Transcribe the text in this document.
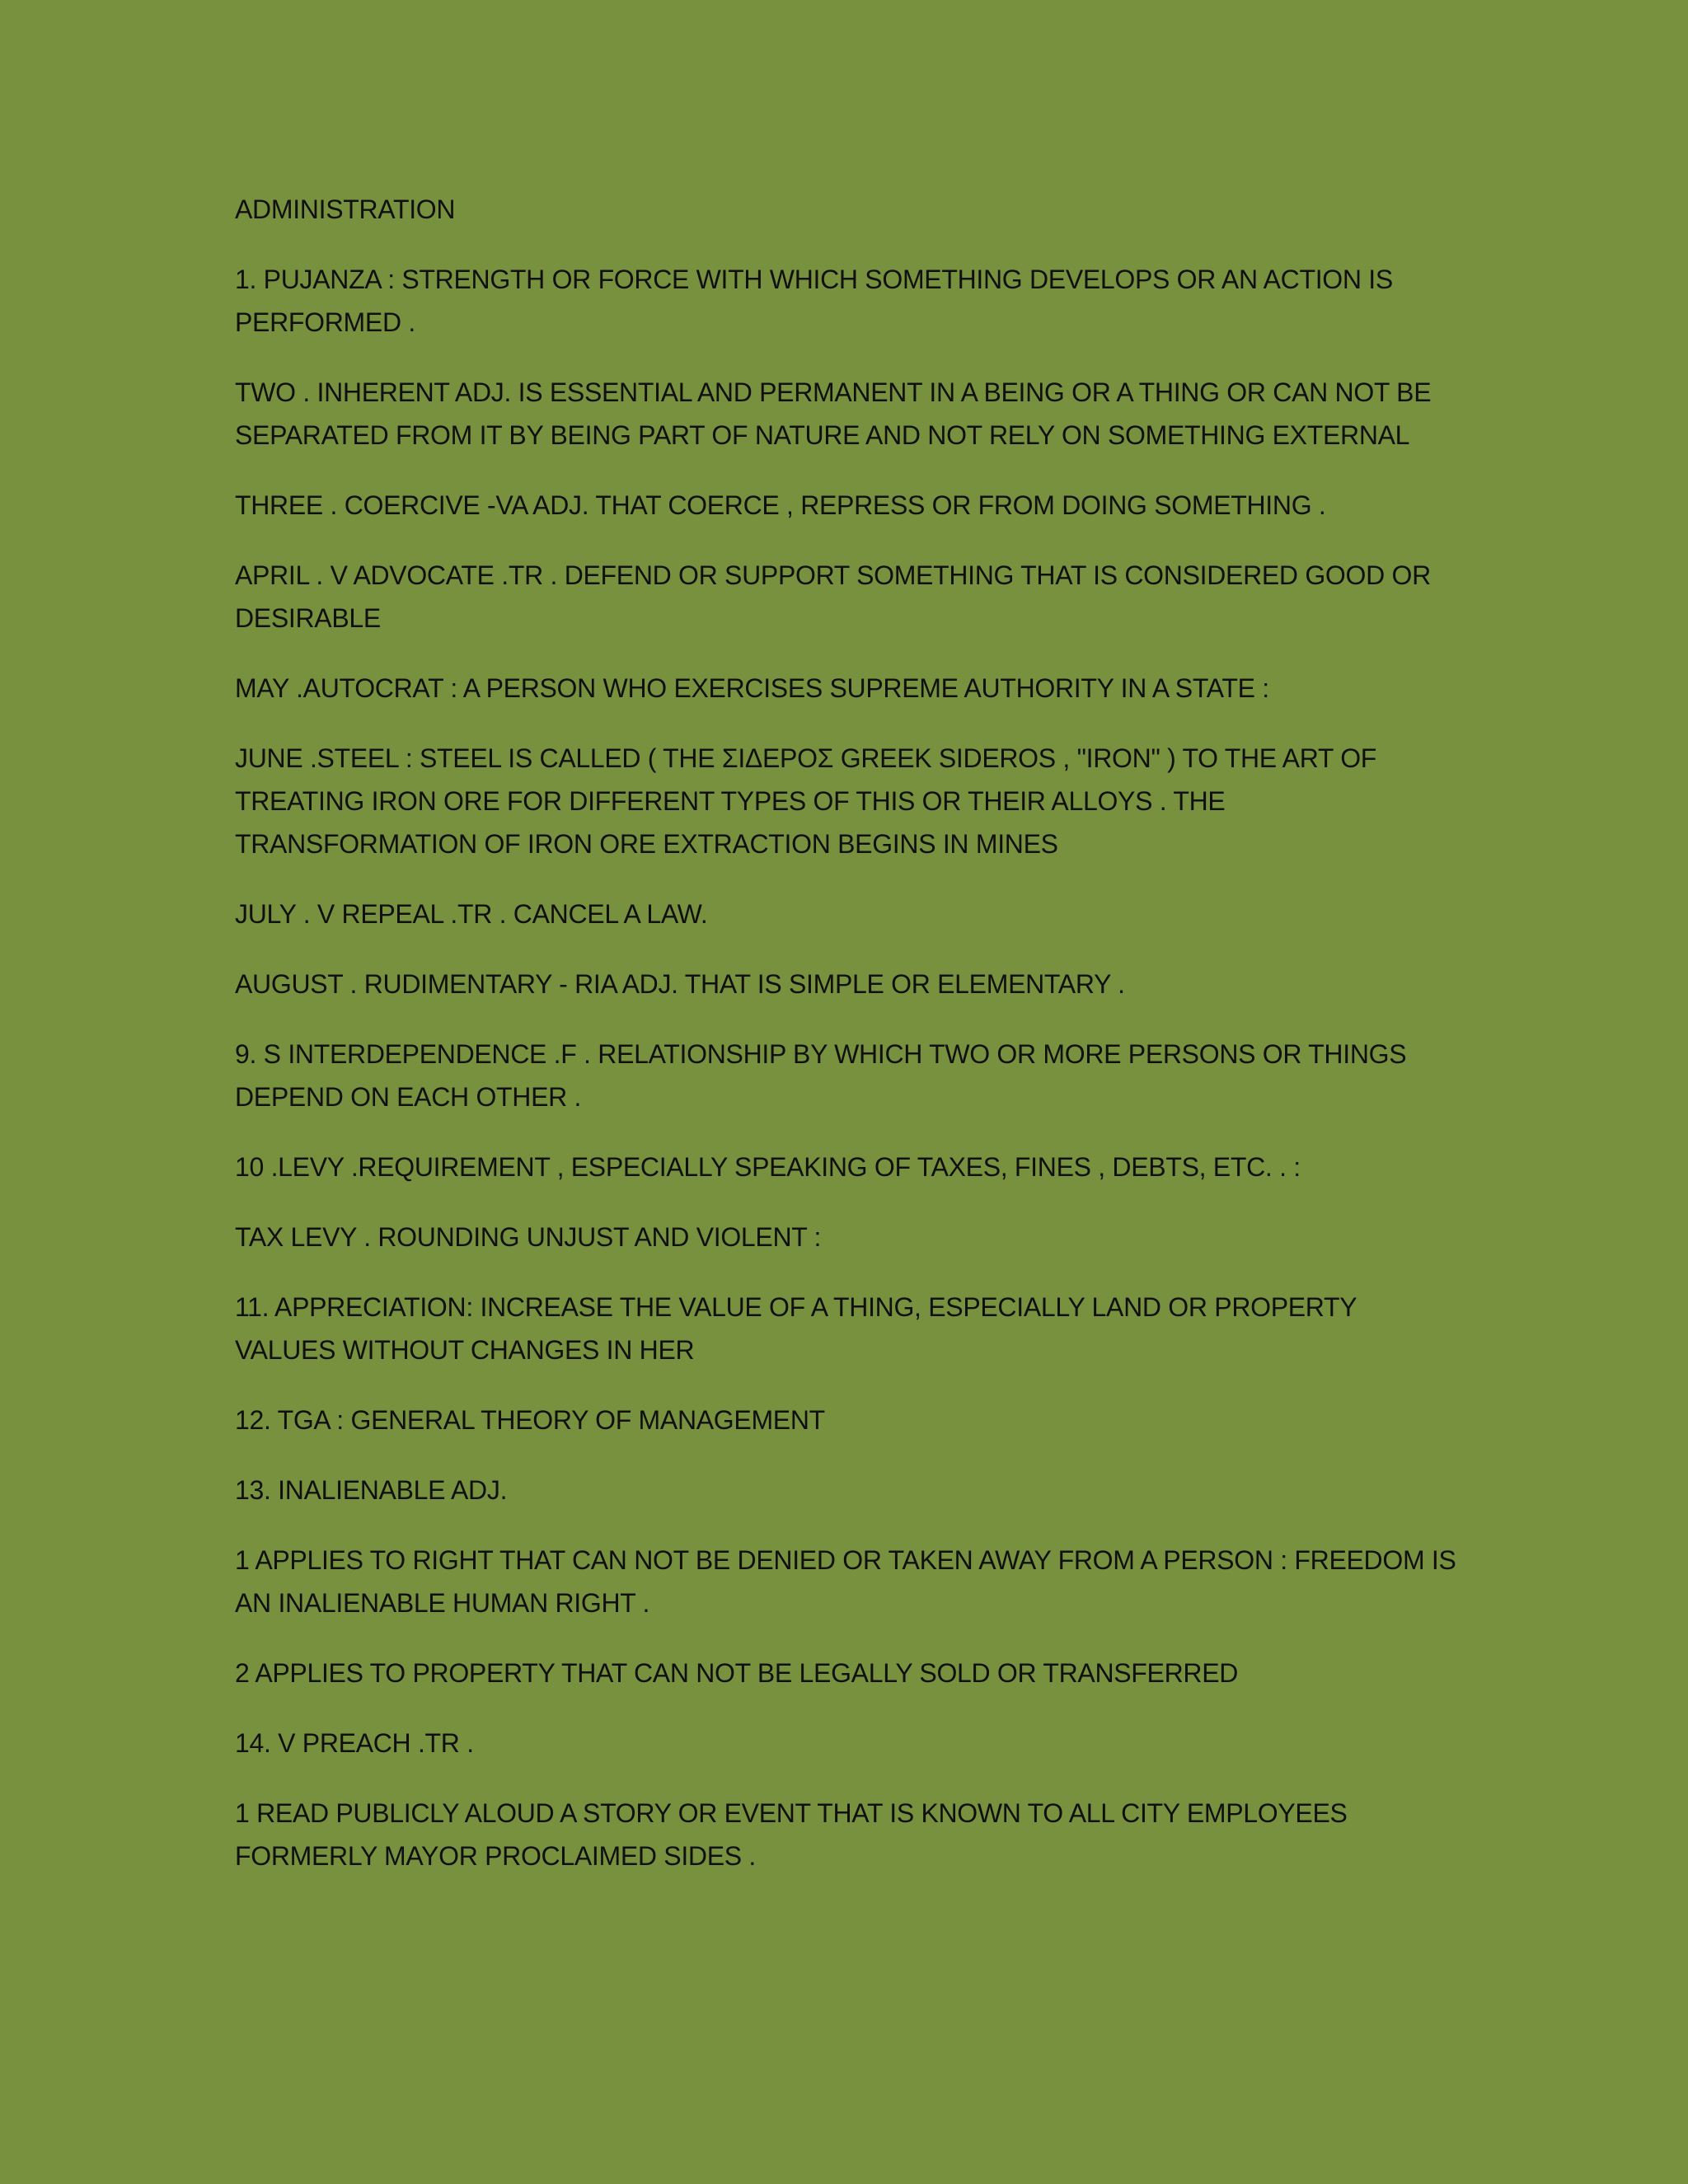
ADMINISTRATION

1. PUJANZA : STRENGTH OR FORCE WITH WHICH SOMETHING DEVELOPS OR AN ACTION IS PERFORMED .

TWO . INHERENT ADJ. IS ESSENTIAL AND PERMANENT IN A BEING OR A THING OR CAN NOT BE SEPARATED FROM IT BY BEING PART OF NATURE AND NOT RELY ON SOMETHING EXTERNAL

THREE . COERCIVE -VA ADJ. THAT COERCE , REPRESS OR FROM DOING SOMETHING .

APRIL . V ADVOCATE .TR . DEFEND OR SUPPORT SOMETHING THAT IS CONSIDERED GOOD OR DESIRABLE

MAY .AUTOCRAT : A PERSON WHO EXERCISES SUPREME AUTHORITY IN A STATE :

JUNE .STEEL : STEEL IS CALLED ( THE ΣΙΔΕΡΟΣ GREEK SIDEROS , "IRON" ) TO THE ART OF TREATING IRON ORE FOR DIFFERENT TYPES OF THIS OR THEIR ALLOYS . THE TRANSFORMATION OF IRON ORE EXTRACTION BEGINS IN MINES

JULY . V REPEAL .TR . CANCEL A LAW.

AUGUST . RUDIMENTARY - RIA ADJ. THAT IS SIMPLE OR ELEMENTARY .

9. S INTERDEPENDENCE .F . RELATIONSHIP BY WHICH TWO OR MORE PERSONS OR THINGS DEPEND ON EACH OTHER .

10 .LEVY .REQUIREMENT , ESPECIALLY SPEAKING OF TAXES, FINES , DEBTS, ETC. . :

TAX LEVY . ROUNDING UNJUST AND VIOLENT :

11. APPRECIATION: INCREASE THE VALUE OF A THING, ESPECIALLY LAND OR PROPERTY VALUES WITHOUT CHANGES IN HER

12. TGA : GENERAL THEORY OF MANAGEMENT

13. INALIENABLE ADJ.

1 APPLIES TO RIGHT THAT CAN NOT BE DENIED OR TAKEN AWAY FROM A PERSON : FREEDOM IS AN INALIENABLE HUMAN RIGHT .

2 APPLIES TO PROPERTY THAT CAN NOT BE LEGALLY SOLD OR TRANSFERRED

14. V PREACH .TR .

1 READ PUBLICLY ALOUD A STORY OR EVENT THAT IS KNOWN TO ALL CITY EMPLOYEES FORMERLY MAYOR PROCLAIMED SIDES .
